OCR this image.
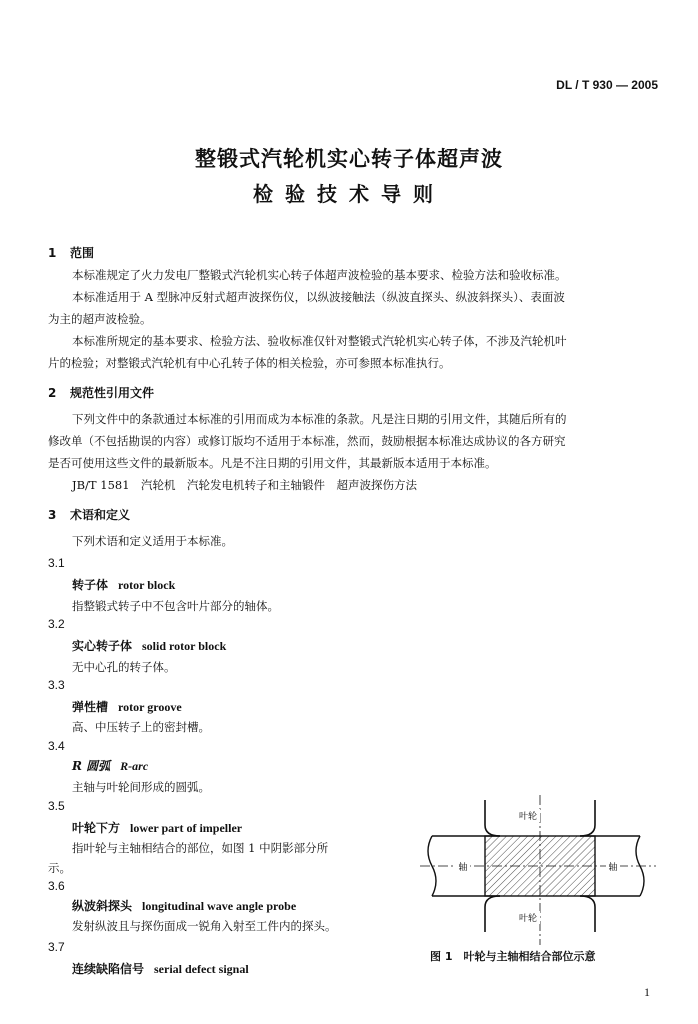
DL / T 930 — 2005
整锻式汽轮机实心转子体超声波
检验技术导则
1 范围
本标准规定了火力发电厂整锻式汽轮机实心转子体超声波检验的基本要求、检验方法和验收标准。
本标准适用于 A 型脉冲反射式超声波探伤仪，以纵波接触法（纵波直探头、纵波斜探头）、表面波
为主的超声波检验。
本标准所规定的基本要求、检验方法、验收标准仅针对整锻式汽轮机实心转子体，不涉及汽轮机叶
片的检验；对整锻式汽轮机有中心孔转子体的相关检验，亦可参照本标准执行。
2 规范性引用文件
下列文件中的条款通过本标准的引用而成为本标准的条款。凡是注日期的引用文件，其随后所有的
修改单（不包括勘误的内容）或修订版均不适用于本标准，然而，鼓励根据本标准达成协议的各方研究
是否可使用这些文件的最新版本。凡是不注日期的引用文件，其最新版本适用于本标准。
JB/T 1581　汽轮机　汽轮发电机转子和主轴锻件　超声波探伤方法
3 术语和定义
下列术语和定义适用于本标准。
3.1
转子体 rotor block
指整锻式转子中不包含叶片部分的轴体。
3.2
实心转子体 solid rotor block
无中心孔的转子体。
3.3
弹性槽 rotor groove
高、中压转子上的密封槽。
3.4
R 圆弧 R-arc
主轴与叶轮间形成的圆弧。
3.5
叶轮下方 lower part of impeller
指叶轮与主轴相结合的部位，如图 1 中阴影部分所
示。
3.6
纵波斜探头 longitudinal wave angle probe
发射纵波且与探伤面成一锐角入射至工件内的探头。
3.7
连续缺陷信号 serial defect signal
叶轮
叶轮
轴	轴
图 1　叶轮与主轴相结合部位示意
1
